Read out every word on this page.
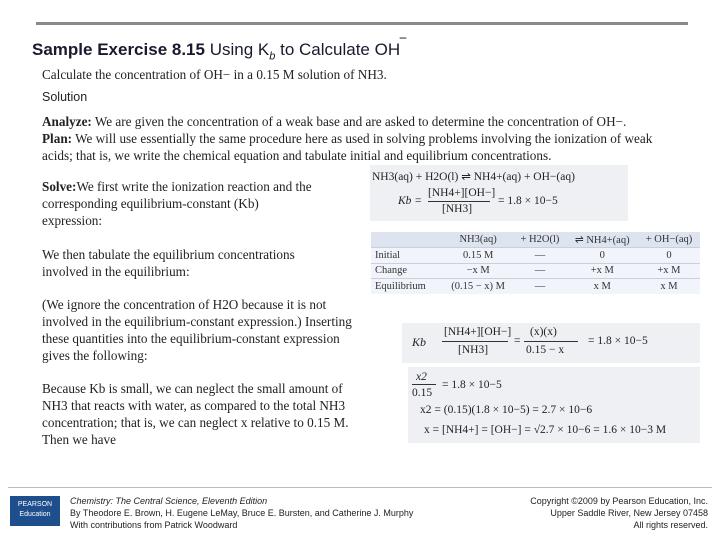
Sample Exercise 8.15 Using $K_b$ to Calculate OH‾
Calculate the concentration of OH− in a 0.15 M solution of NH3.
Solution
Analyze: We are given the concentration of a weak base and are asked to determine the concentration of OH−.
Plan: We will use essentially the same procedure here as used in solving problems involving the ionization of weak acids; that is, we write the chemical equation and tabulate initial and equilibrium concentrations.
Solve:We first write the ionization reaction and the corresponding equilibrium-constant (Kb) expression:
NH3(aq) + H2O(l) ⇌ NH4+(aq) + OH−(aq)
Kb =
[NH4+][OH−]
[NH3]
= 1.8 × 10−5
We then tabulate the equilibrium concentrations involved in the equilibrium:
	NH3(aq)	+ H2O(l)	⇌ NH4+(aq)	+ OH−(aq)
Initial	0.15 M	—	0	0
Change	−x M	—	+x M	+x M
Equilibrium	(0.15 − x) M	—	x M	x M
(We ignore the concentration of H2O because it is not involved in the equilibrium-constant expression.) Inserting these quantities into the equilibrium-constant expression gives the following:
Kb
[NH4+][OH−]
[NH3]
=
(x)(x)
0.15 − x
= 1.8 × 10−5
Because Kb is small, we can neglect the small amount of NH3 that reacts with water, as compared to the total NH3 concentration; that is, we can neglect x relative to 0.15 M. Then we have
x2
0.15
= 1.8 × 10−5
x2 = (0.15)(1.8 × 10−5) = 2.7 × 10−6
x = [NH4+] = [OH−] = √2.7 × 10−6 = 1.6 × 10−3 M
PEARSON
Education
Chemistry: The Central Science, Eleventh Edition
By Theodore E. Brown, H. Eugene LeMay, Bruce E. Bursten, and Catherine J. Murphy
With contributions from Patrick Woodward
Copyright ©2009 by Pearson Education, Inc.
Upper Saddle River, New Jersey 07458
All rights reserved.
